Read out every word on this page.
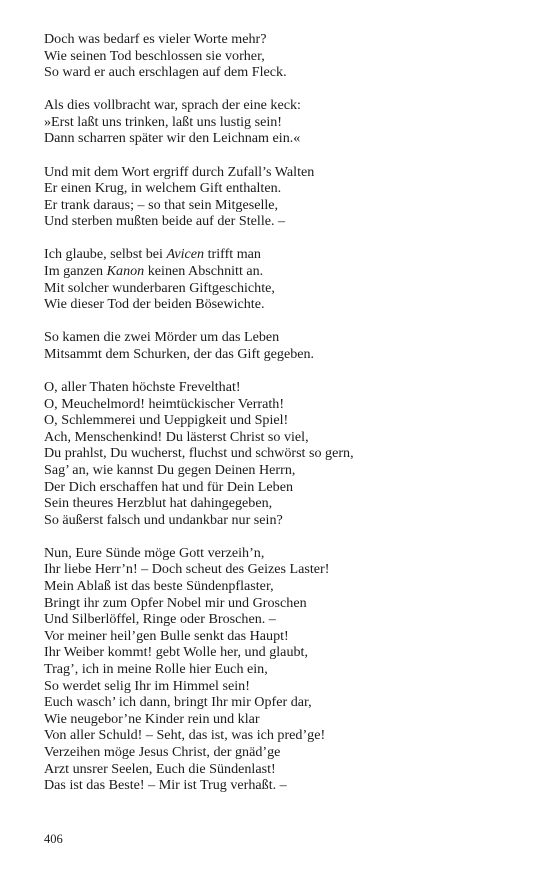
Doch was bedarf es vieler Worte mehr?
Wie seinen Tod beschlossen sie vorher,
So ward er auch erschlagen auf dem Fleck.
Als dies vollbracht war, sprach der eine keck:
»Erst laßt uns trinken, laßt uns lustig sein!
Dann scharren später wir den Leichnam ein.«
Und mit dem Wort ergriff durch Zufall’s Walten
Er einen Krug, in welchem Gift enthalten.
Er trank daraus; – so that sein Mitgeselle,
Und sterben mußten beide auf der Stelle. –
Ich glaube, selbst bei Avicen trifft man
Im ganzen Kanon keinen Abschnitt an.
Mit solcher wunderbaren Giftgeschichte,
Wie dieser Tod der beiden Bösewichte.
So kamen die zwei Mörder um das Leben
Mitsammt dem Schurken, der das Gift gegeben.
O, aller Thaten höchste Frevelthat!
O, Meuchelmord! heimtückischer Verrath!
O, Schlemmerei und Ueppigkeit und Spiel!
Ach, Menschenkind! Du lästerst Christ so viel,
Du prahlst, Du wucherst, fluchst und schwörst so gern,
Sag’ an, wie kannst Du gegen Deinen Herrn,
Der Dich erschaffen hat und für Dein Leben
Sein theures Herzblut hat dahingegeben,
So äußerst falsch und undankbar nur sein?
Nun, Eure Sünde möge Gott verzeih’n,
Ihr liebe Herr’n! – Doch scheut des Geizes Laster!
Mein Ablaß ist das beste Sündenpflaster,
Bringt ihr zum Opfer Nobel mir und Groschen
Und Silberlöffel, Ringe oder Broschen. –
Vor meiner heil’gen Bulle senkt das Haupt!
Ihr Weiber kommt! gebt Wolle her, und glaubt,
Trag’, ich in meine Rolle hier Euch ein,
So werdet selig Ihr im Himmel sein!
Euch wasch’ ich dann, bringt Ihr mir Opfer dar,
Wie neugebor’ne Kinder rein und klar
Von aller Schuld! – Seht, das ist, was ich pred’ge!
Verzeihen möge Jesus Christ, der gnäd’ge
Arzt unsrer Seelen, Euch die Sündenlast!
Das ist das Beste! – Mir ist Trug verhaßt. –
406
